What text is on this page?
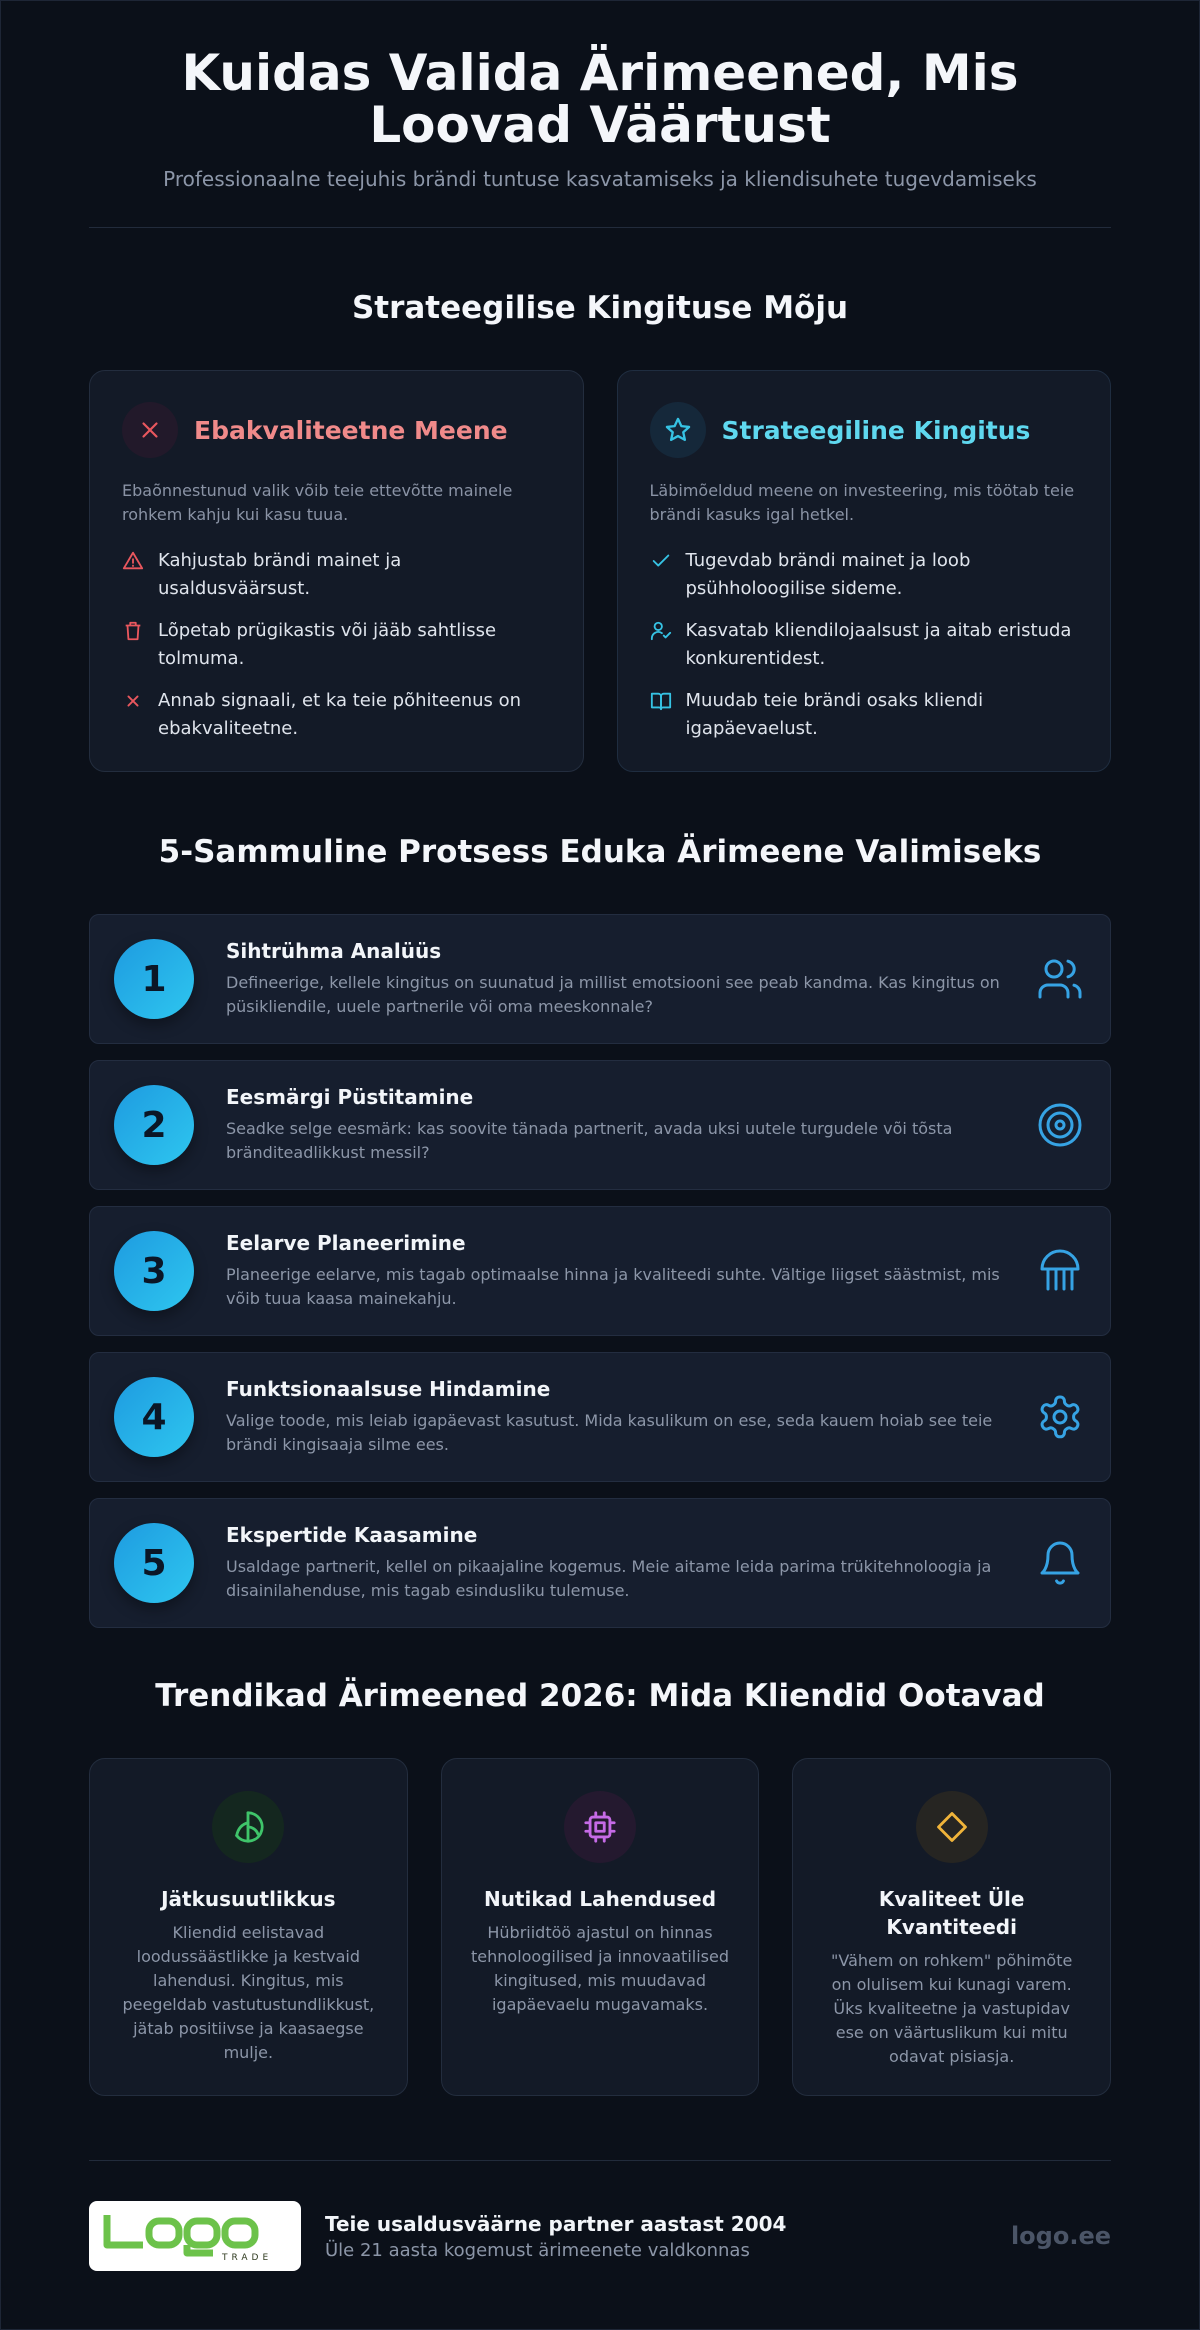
Kuidas Valida Ärimeened, Mis Loovad Väärtust

Professionaalne teejuhis brändi tuntuse kasvatamiseks ja kliendisuhete tugevdamiseks

Strateegilise Kingituse Mõju
Ebakvaliteetne Meene

Ebaõnnestunud valik võib teie ettevõtte mainele rohkem kahju kui kasu tuua.

Kahjustab brändi mainet ja usaldusväärsust.
Lõpetab prügikastis või jääb sahtlisse tolmuma.
Annab signaali, et ka teie põhiteenus on ebakvaliteetne.
Strateegiline Kingitus

Läbimõeldud meene on investeering, mis töötab teie brändi kasuks igal hetkel.

Tugevdab brändi mainet ja loob psühholoogilise sideme.
Kasvatab kliendilojaalsust ja aitab eristuda konkurentidest.
Muudab teie brändi osaks kliendi igapäevaelust.
5-Sammuline Protsess Eduka Ärimeene Valimiseks
1
Sihtrühma Analüüs
Defineerige, kellele kingitus on suunatud ja millist emotsiooni see peab kandma. Kas kingitus on püsikliendile, uuele partnerile või oma meeskonnale?
2
Eesmärgi Püstitamine
Seadke selge eesmärk: kas soovite tänada partnerit, avada uksi uutele turgudele või tõsta bränditeadlikkust messil?
3
Eelarve Planeerimine
Planeerige eelarve, mis tagab optimaalse hinna ja kvaliteedi suhte. Vältige liigset säästmist, mis võib tuua kaasa mainekahju.
4
Funktsionaalsuse Hindamine
Valige toode, mis leiab igapäevast kasutust. Mida kasulikum on ese, seda kauem hoiab see teie brändi kingisaaja silme ees.
5
Ekspertide Kaasamine
Usaldage partnerit, kellel on pikaajaline kogemus. Meie aitame leida parima trükitehnoloogia ja disainilahenduse, mis tagab esindusliku tulemuse.
Trendikad Ärimeened 2026: Mida Kliendid Ootavad
Jätkusuutlikkus
Kliendid eelistavad loodussäästlikke ja kestvaid lahendusi. Kingitus, mis peegeldab vastutustundlikkust, jätab positiivse ja kaasaegse mulje.
Nutikad Lahendused
Hübriidtöö ajastul on hinnas tehnoloogilised ja innovaatilised kingitused, mis muudavad igapäevaelu mugavamaks.
Kvaliteet Üle Kvantiteedi
"Vähem on rohkem" põhimõte on olulisem kui kunagi varem. Üks kvaliteetne ja vastupidav ese on väärtuslikum kui mitu odavat pisiasja.
TRADE
Teie usaldusväärne partner aastast 2004
Üle 21 aasta kogemust ärimeenete valdkonnas	logo.ee
